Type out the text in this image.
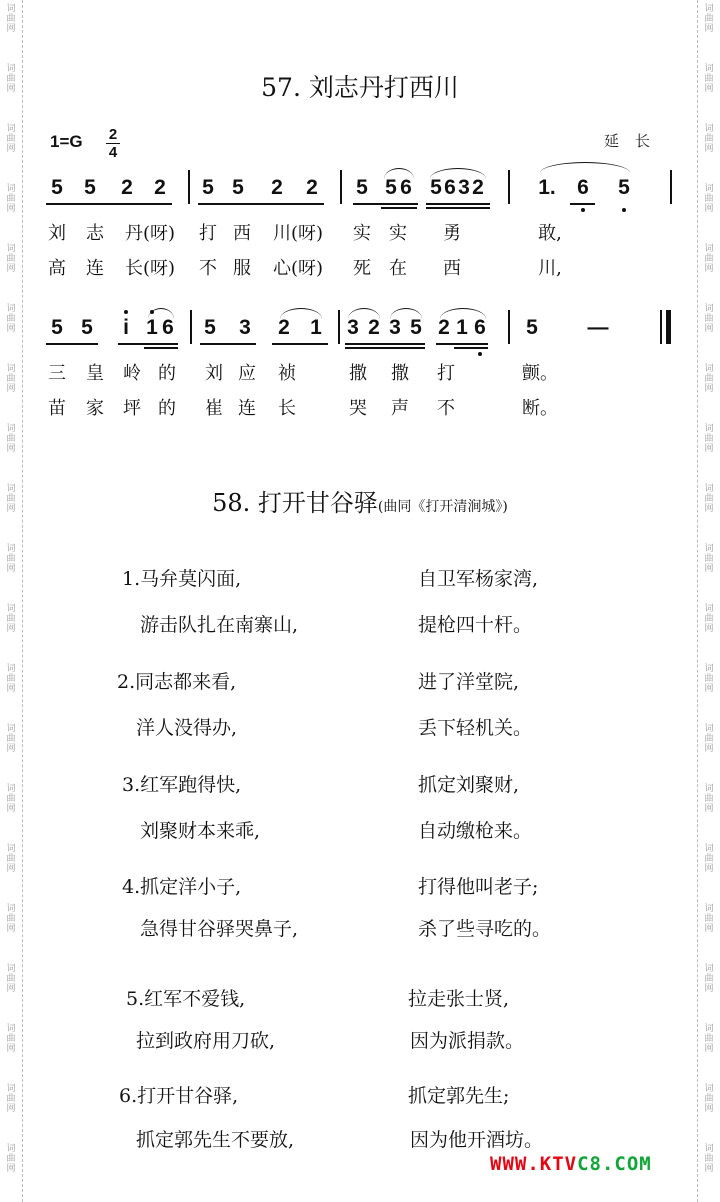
词
曲
网
词
曲
网
词
曲
网
词
曲
网
词
曲
网
词
曲
网
词
曲
网
词
曲
网
词
曲
网
词
曲
网
词
曲
网
词
曲
网
词
曲
网
词
曲
网
词
曲
网
词
曲
网
词
曲
网
词
曲
网
词
曲
网
词
曲
网
词
曲
网
词
曲
网
词
曲
网
词
曲
网
词
曲
网
词
曲
网
词
曲
网
词
曲
网
词
曲
网
词
曲
网
词
曲
网
词
曲
网
词
曲
网
词
曲
网
词
曲
网
词
曲
网
词
曲
网
词
曲
网
词
曲
网
词
曲
网
57. 刘志丹打西川
1=G	2
4
延长
5 5 2 2 5 5 2 2 5 5 6 5 6 3 2	1. 6 5
刘 志 丹(呀) 打 西 川(呀) 实 实 勇	敢,
高 连 长(呀) 不 服 心(呀) 死 在 西	川,
5 5 i 1 6 5 3 2 1 3 2 3 5 2 1 6 5 —
三 皇 岭 的 刘 应 祯	撒 撒 打	颤。
苗 家 坪 的 崔 连 长	哭 声 不	断。
58. 打开甘谷驿(曲同《打开清涧城》)
1.马弁莫闪面,	自卫军杨家湾,
游击队扎在南寨山,	提枪四十杆。
2.同志都来看,	进了洋堂院,
洋人没得办,	丢下轻机关。
3.红军跑得快,	抓定刘聚财,
刘聚财本来乖,	自动缴枪来。
4.抓定洋小子,	打得他叫老子;
急得甘谷驿哭鼻子,	杀了些寻吃的。
5.红军不爱钱,	拉走张士贤,
拉到政府用刀砍,	因为派捐款。
6.打开甘谷驿,	抓定郭先生;
抓定郭先生不要放,	因为他开酒坊。
WWW.KTVC8.COM
